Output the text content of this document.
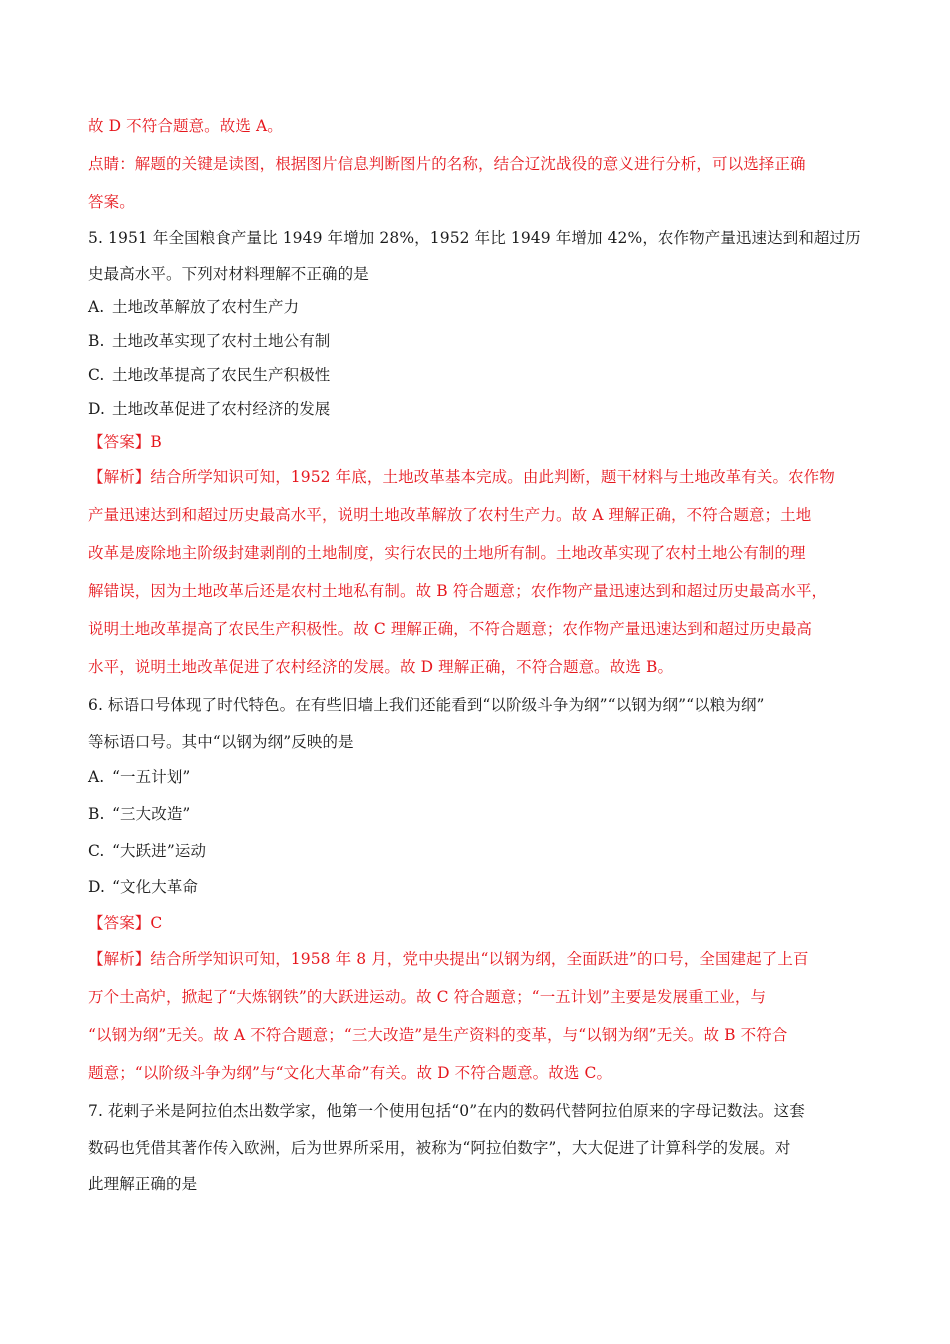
故 D 不符合题意。故选 A。
点睛：解题的关键是读图，根据图片信息判断图片的名称，结合辽沈战役的意义进行分析，可以选择正确
答案。
5. 1951 年全国粮食产量比 1949 年增加 28%，1952 年比 1949 年增加 42%，农作物产量迅速达到和超过历
史最高水平。下列对材料理解不正确的是
A. 土地改革解放了农村生产力
B. 土地改革实现了农村土地公有制
C. 土地改革提高了农民生产积极性
D. 土地改革促进了农村经济的发展
【答案】B
【解析】结合所学知识可知，1952 年底，土地改革基本完成。由此判断，题干材料与土地改革有关。农作物
产量迅速达到和超过历史最高水平，说明土地改革解放了农村生产力。故 A 理解正确，不符合题意；土地
改革是废除地主阶级封建剥削的土地制度，实行农民的土地所有制。土地改革实现了农村土地公有制的理
解错误，因为土地改革后还是农村土地私有制。故 B 符合题意；农作物产量迅速达到和超过历史最高水平，
说明土地改革提高了农民生产积极性。故 C 理解正确，不符合题意；农作物产量迅速达到和超过历史最高
水平，说明土地改革促进了农村经济的发展。故 D 理解正确，不符合题意。故选 B。
6. 标语口号体现了时代特色。在有些旧墙上我们还能看到“以阶级斗争为纲”“以钢为纲”“以粮为纲”
等标语口号。其中“以钢为纲”反映的是
A. “一五计划”
B. “三大改造”
C. “大跃进”运动
D. “文化大革命
【答案】C
【解析】结合所学知识可知，1958 年 8 月，党中央提出“以钢为纲，全面跃进”的口号，全国建起了上百
万个土高炉，掀起了“大炼钢铁”的大跃进运动。故 C 符合题意；“一五计划”主要是发展重工业，与
“以钢为纲”无关。故 A 不符合题意；“三大改造”是生产资料的变革，与“以钢为纲”无关。故 B 不符合
题意；“以阶级斗争为纲”与“文化大革命”有关。故 D 不符合题意。故选 C。
7. 花剌子米是阿拉伯杰出数学家，他第一个使用包括“0”在内的数码代替阿拉伯原来的字母记数法。这套
数码也凭借其著作传入欧洲，后为世界所采用，被称为“阿拉伯数字”，大大促进了计算科学的发展。对
此理解正确的是
